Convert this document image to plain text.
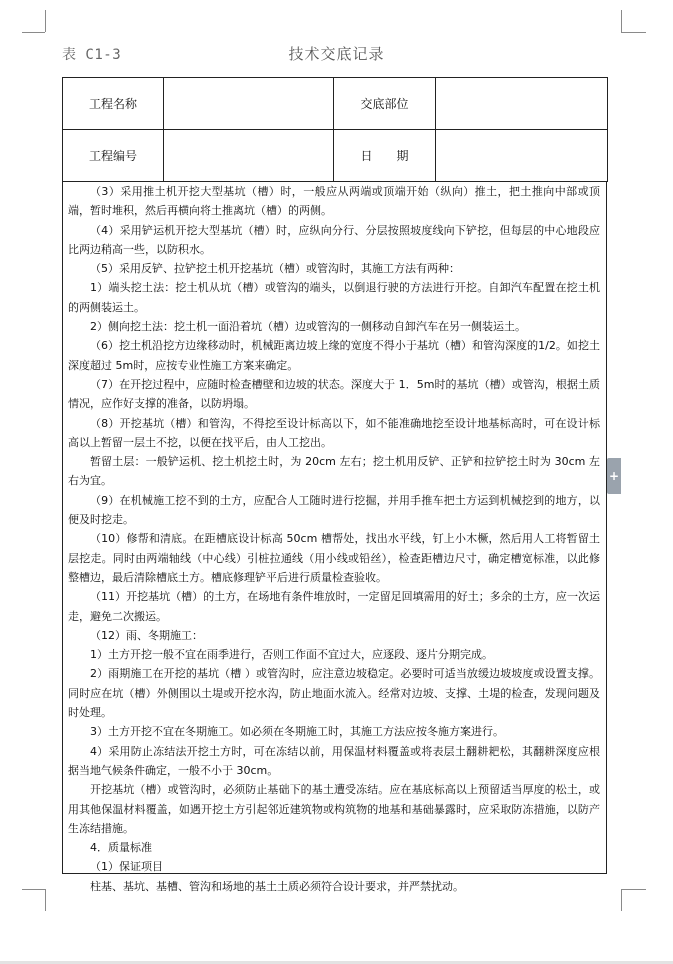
表 C1-3	技术交底记录
工程名称		交底部位	
工程编号		日　　期	

（3）采用推土机开挖大型基坑（槽）时，一般应从两端或顶端开始（纵向）推土，把土推向中部或顶端，暂时堆积，然后再横向将土推离坑（槽）的两侧。

（4）采用铲运机开挖大型基坑（槽）时，应纵向分行、分层按照坡度线向下铲挖，但每层的中心地段应比两边稍高一些，以防积水。

（5）采用反铲、拉铲挖土机开挖基坑（槽）或管沟时，其施工方法有两种：

1）端头挖土法：挖土机从坑（槽）或管沟的端头，以倒退行驶的方法进行开挖。自卸汽车配置在挖土机的两侧装运土。

2）侧向挖土法：挖土机一面沿着坑（槽）边或管沟的一侧移动自卸汽车在另一侧装运土。

（6）挖土机沿挖方边缘移动时，机械距离边坡上缘的宽度不得小于基坑（槽）和管沟深度的1/2。如挖土深度超过 5m时，应按专业性施工方案来确定。

（7）在开挖过程中，应随时检查槽壁和边坡的状态。深度大于 1．5m时的基坑（槽）或管沟，根据土质情况，应作好支撑的准备，以防坍塌。

（8）开挖基坑（槽）和管沟，不得挖至设计标高以下，如不能准确地挖至设计地基标高时，可在设计标高以上暂留一层土不挖，以便在找平后，由人工挖出。

暂留土层：一般铲运机、挖土机挖土时，为 20cm 左右；挖土机用反铲、正铲和拉铲挖土时为 30cm 左右为宜。

（9）在机械施工挖不到的土方，应配合人工随时进行挖掘，并用手推车把土方运到机械挖到的地方，以便及时挖走。

（10）修帮和清底。在距槽底设计标高 50cm 槽帮处，找出水平线，钉上小木橛，然后用人工将暂留土层挖走。同时由两端轴线（中心线）引桩拉通线（用小线或铅丝），检查距槽边尺寸，确定槽宽标准，以此修整槽边，最后清除槽底土方。槽底修理铲平后进行质量检查验收。

（11）开挖基坑（槽）的土方，在场地有条件堆放时，一定留足回填需用的好土；多余的土方，应一次运走，避免二次搬运。

（12）雨、冬期施工：

1）土方开挖一般不宜在雨季进行，否则工作面不宜过大，应逐段、逐片分期完成。

2）雨期施工在开挖的基坑（槽 ）或管沟时，应注意边坡稳定。必要时可适当放缓边坡坡度或设置支撑。同时应在坑（槽）外侧围以土堤或开挖水沟，防止地面水流入。经常对边坡、支撑、土堤的检查，发现问题及时处理。

3）土方开挖不宜在冬期施工。如必须在冬期施工时，其施工方法应按冬施方案进行。

4）采用防止冻结法开挖土方时，可在冻结以前，用保温材料覆盖或将表层土翻耕耙松，其翻耕深度应根据当地气候条件确定，一般不小于 30cm。

开挖基坑（槽）或管沟时，必须防止基础下的基土遭受冻结。应在基底标高以上预留适当厚度的松土，或用其他保温材料覆盖，如遇开挖土方引起邻近建筑物或构筑物的地基和基础暴露时，应采取防冻措施，以防产生冻结措施。

4．质量标准

（1）保证项目

柱基、基坑、基槽、管沟和场地的基土土质必须符合设计要求，并严禁扰动。

+
